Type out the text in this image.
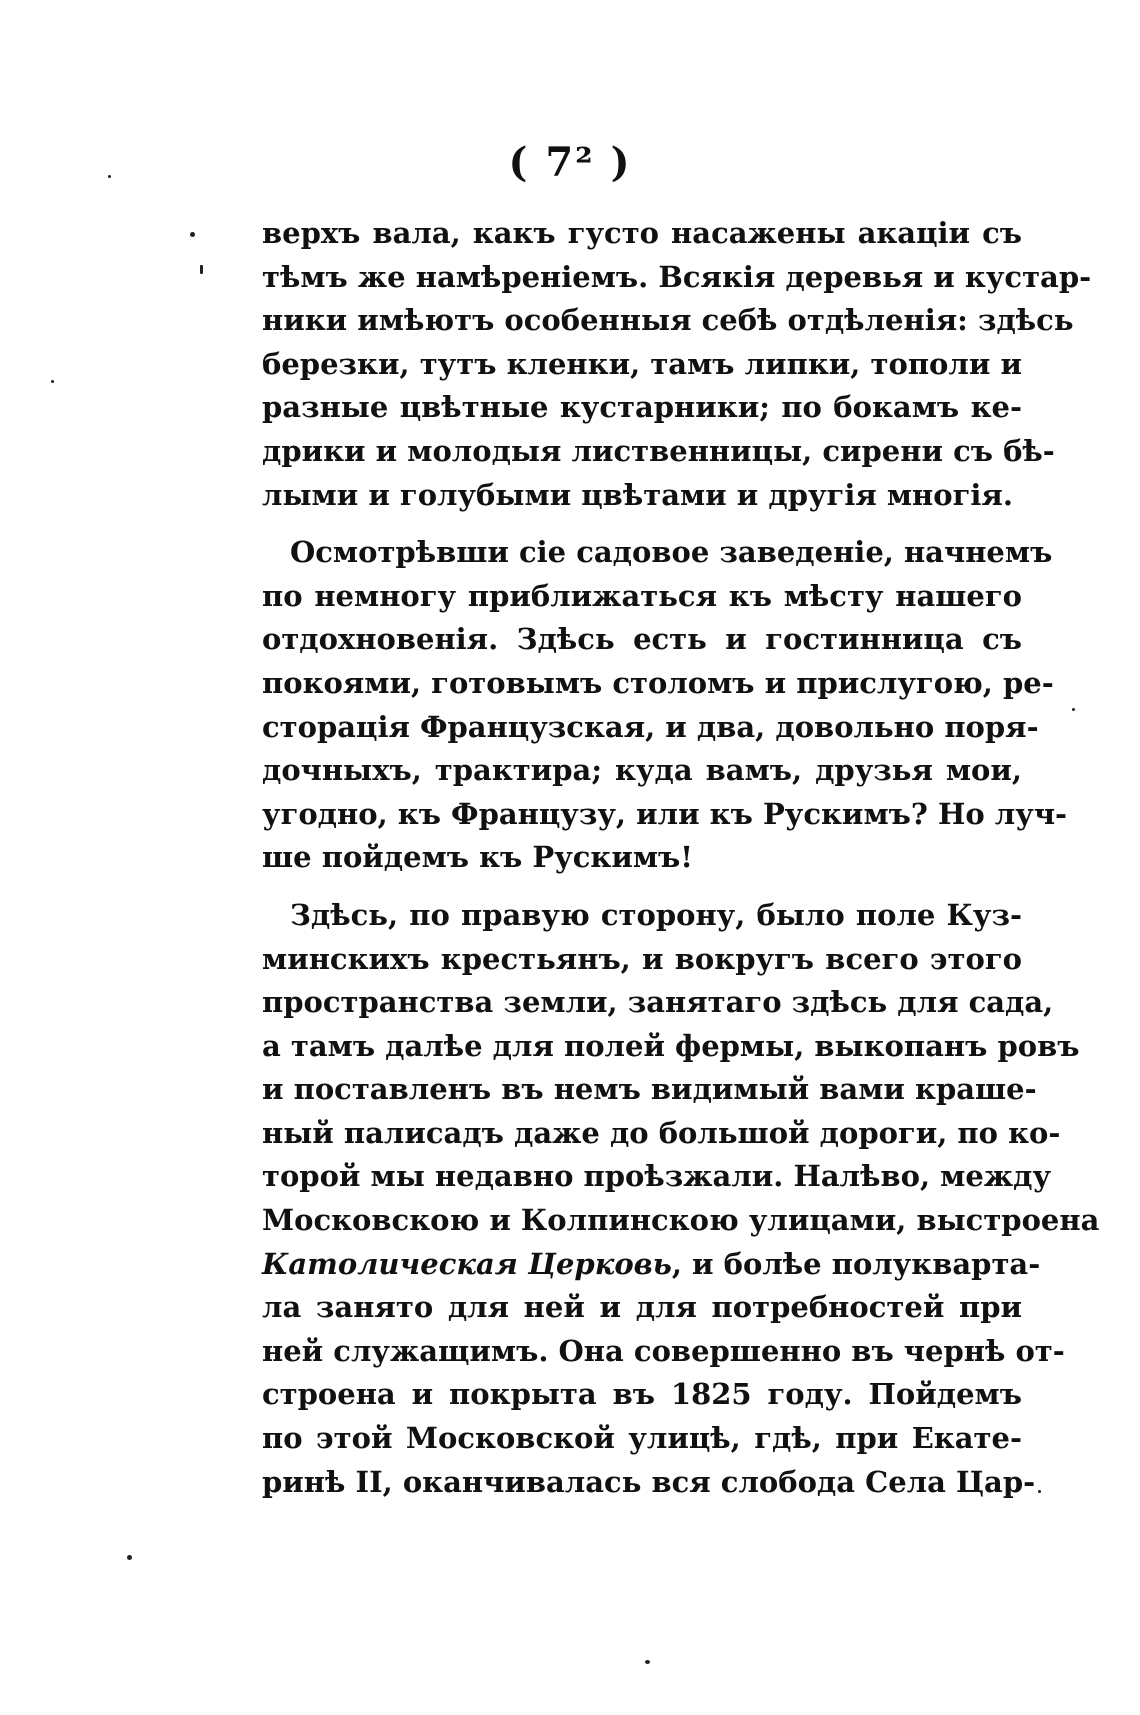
( 7² )
верхъ вала, какъ густо насажены акаціи съ
тѣмъ же намѣреніемъ. Всякія деревья и кустар-
ники имѣютъ особенныя себѣ отдѣленія: здѣсь
березки, тутъ кленки, тамъ липки, тополи и
разные цвѣтные кустарники; по бокамъ ке-
дрики и молодыя лиственницы, сирени съ бѣ-
лыми и голубыми цвѣтами и другія многія.
Осмотрѣвши сіе садовое заведеніе, начнемъ
по немногу приближаться къ мѣсту нашего
отдохновенія. Здѣсь есть и гостинница съ
покоями, готовымъ столомъ и прислугою, ре-
сторація Французская, и два, довольно поря-
дочныхъ, трактира; куда вамъ, друзья мои,
угодно, къ Французу, или къ Рускимъ? Но луч-
ше пойдемъ къ Рускимъ!
Здѣсь, по правую сторону, было поле Куз-
минскихъ крестьянъ, и вокругъ всего этого
пространства земли, занятаго здѣсь для сада,
а тамъ далѣе для полей фермы, выкопанъ ровъ
и поставленъ въ немъ видимый вами краше-
ный палисадъ даже до большой дороги, по ко-
торой мы недавно проѣзжали. Налѣво, между
Московскою и Колпинскою улицами, выстроена
Католическая Церковь, и болѣе полуквартa-
ла занято для ней и для потребностей при
ней служащимъ. Она совершенно въ чернѣ от-
строена и покрыта въ 1825 году. Пойдемъ
по этой Московской улицѣ, гдѣ, при Екате-
ринѣ II, оканчивалась вся слобода Села Цар-
